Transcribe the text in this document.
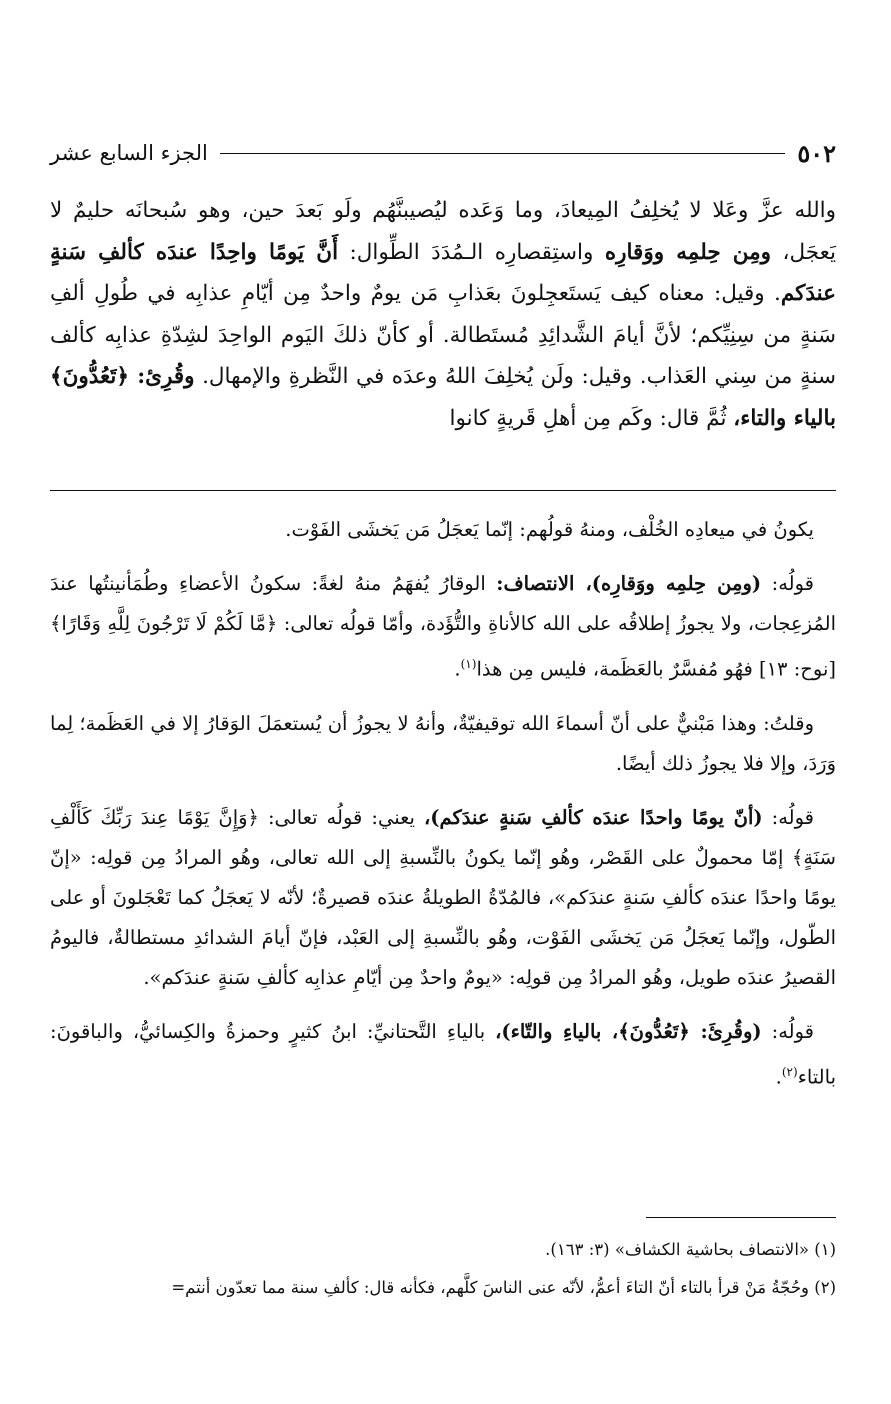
٥٠٢
الجزء السابع عشر

والله عزَّ وعَلا لا يُخلِفُ المِيعادَ، وما وَعَده ليُصيبنَّهُم ولَو بَعدَ حين، وهو سُبحانَه حليمٌ لا يَعجَل، ومِن حِلمِه ووَقارِه واستِقصارِه الـمُدَدَ الطِّوال: أَنَّ يَومًا واحِدًا عندَه كألفِ سَنةٍ عندَكم. وقيل: معناه كيف يَستَعجِلونَ بعَذابِ مَن يومٌ واحدٌ مِن أيّامِ عذابِه في طُولِ ألفِ سَنةٍ من سِنِيِّكم؛ لأنَّ أيامَ الشَّدائِدِ مُستَطالة. أو كأنّ ذلكَ اليَوم الواحِدَ لشِدّةِ عذابِه كألف سنةٍ من سِني العَذاب. وقيل: ولَن يُخلِفَ اللهُ وعدَه في النَّظرةِ والإمهال. وقُرِئ: ﴿تَعُدُّونَ﴾ بالياء والتاء، ثُمَّ قال: وكَم مِن أهلِ قَريةٍ كانوا

يكونُ في ميعادِه الخُلْف، ومنهُ قولُهم: إنّما يَعجَلُ مَن يَخشَى الفَوْت.

قولُه: (ومِن حِلمِه ووَقارِه)، الانتصاف: الوقارُ يُفهَمُ منهُ لغةً: سكونُ الأعضاءِ وطُمَأنينتُها عندَ المُزعِجات، ولا يجوزُ إطلاقُه على الله كالأناةِ والتُّؤَدة، وأمّا قولُه تعالى: ﴿مَّا لَكُمْ لَا تَرْجُونَ لِلَّهِ وَقَارًا﴾ [نوح: ١٣] فهُو مُفسَّرٌ بالعَظَمة، فليس مِن هذا$^{(١)}$.

وقلتُ: وهذا مَبْنيٌّ على أنّ أسماءَ الله توقيفيّةٌ، وأنهُ لا يجوزُ أن يُستعمَلَ الوَقارُ إلا في العَظَمة؛ لِما وَرَدَ، وإلا فلا يجوزُ ذلك أيضًا.

قولُه: (أنّ يومًا واحدًا عندَه كألفِ سَنةٍ عندَكم)، يعني: قولُه تعالى: ﴿وَإِنَّ يَوْمًا عِندَ رَبِّكَ كَأَلْفِ سَنَةٍ﴾ إمّا محمولٌ على القَصْر، وهُو إنّما يكونُ بالنِّسبةِ إلى الله تعالى، وهُو المرادُ مِن قولِه: «إنّ يومًا واحدًا عندَه كألفِ سَنةٍ عندَكم»، فالمُدّةُ الطويلةُ عندَه قصيرةٌ؛ لأنّه لا يَعجَلُ كما تَعْجَلونَ أو على الطّول، وإنّما يَعجَلُ مَن يَخشَى الفَوْت، وهُو بالنِّسبةِ إلى العَبْد، فإنّ أيامَ الشدائدِ مستطالةٌ، فاليومُ القصيرُ عندَه طويل، وهُو المرادُ مِن قولِه: «يومٌ واحدٌ مِن أيّامِ عذابِه كألفِ سَنةٍ عندَكم».

قولُه: (وقُرِئَ: ﴿تَعُدُّونَ﴾، بالياءِ والتّاء)، بالياءِ التَّحتانيِّ: ابنُ كثيرٍ وحمزةُ والكِسائيُّ، والباقونَ: بالتاء$^{(٢)}$.

(١) «الانتصاف بحاشية الكشاف» (٣: ١٦٣).

(٢) وحُجّةُ مَنْ قرأ بالتاء أنّ التاءَ أعمُّ، لأنّه عنى الناسَ كلَّهم، فكأنه قال: كألفِ سنة مما تعدّون أنتم=
